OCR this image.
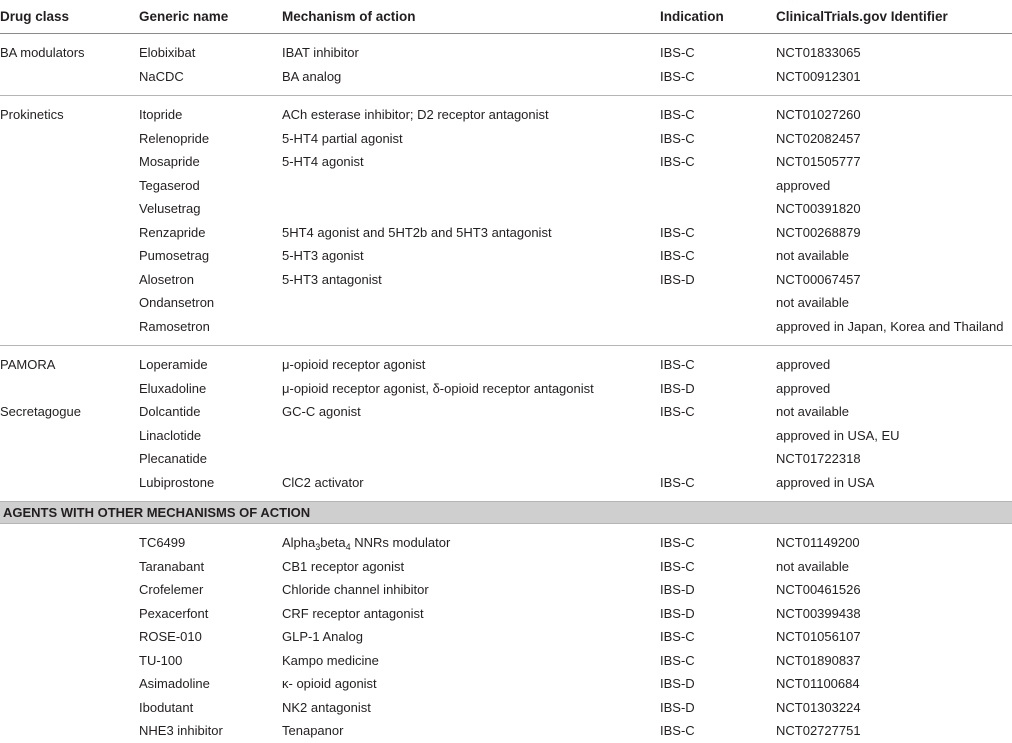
Drug class	Generic name	Mechanism of action	Indication	ClinicalTrials.gov Identifier
BA modulators	Elobixibat	IBAT inhibitor	IBS-C	NCT01833065
	NaCDC	BA analog	IBS-C	NCT00912301
Prokinetics	Itopride	ACh esterase inhibitor; D2 receptor antagonist	IBS-C	NCT01027260
	Relenopride	5-HT4 partial agonist	IBS-C	NCT02082457
	Mosapride	5-HT4 agonist	IBS-C	NCT01505777
	Tegaserod			approved
	Velusetrag			NCT00391820
	Renzapride	5HT4 agonist and 5HT2b and 5HT3 antagonist	IBS-C	NCT00268879
	Pumosetrag	5-HT3 agonist	IBS-C	not available
	Alosetron	5-HT3 antagonist	IBS-D	NCT00067457
	Ondansetron			not available
	Ramosetron			approved in Japan, Korea and Thailand
PAMORA	Loperamide	μ-opioid receptor agonist	IBS-C	approved
	Eluxadoline	μ-opioid receptor agonist, δ-opioid receptor antagonist	IBS-D	approved
Secretagogue	Dolcantide	GC-C agonist	IBS-C	not available
	Linaclotide			approved in USA, EU
	Plecanatide			NCT01722318
	Lubiprostone	ClC2 activator	IBS-C	approved in USA
AGENTS WITH OTHER MECHANISMS OF ACTION				
	TC6499	Alpha$_3$beta$_4$ NNRs modulator	IBS-C	NCT01149200
	Taranabant	CB1 receptor agonist	IBS-C	not available
	Crofelemer	Chloride channel inhibitor	IBS-D	NCT00461526
	Pexacerfont	CRF receptor antagonist	IBS-D	NCT00399438
	ROSE-010	GLP-1 Analog	IBS-C	NCT01056107
	TU-100	Kampo medicine	IBS-C	NCT01890837
	Asimadoline	κ- opioid agonist	IBS-D	NCT01100684
	Ibodutant	NK2 antagonist	IBS-D	NCT01303224
	NHE3 inhibitor	Tenapanor	IBS-C	NCT02727751
